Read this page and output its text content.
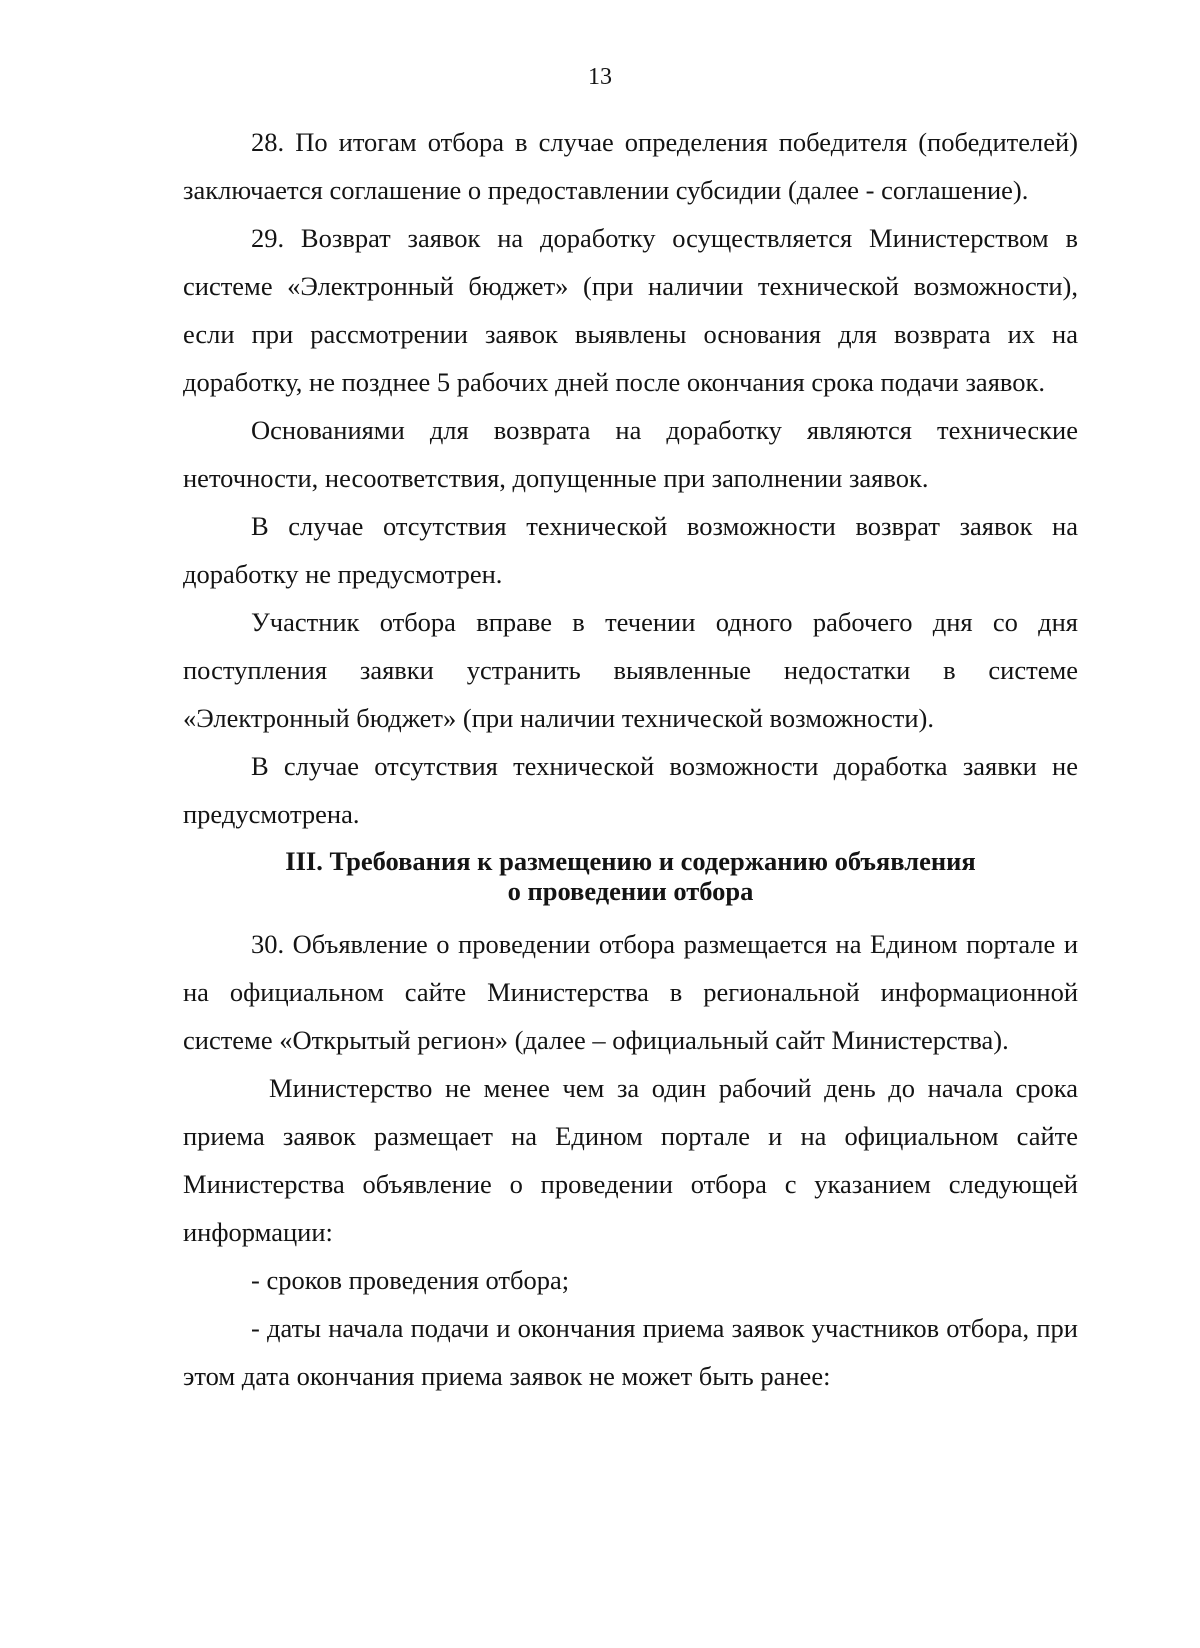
13

28. По итогам отбора в случае определения победителя (победителей) заключается соглашение о предоставлении субсидии (далее - соглашение).

29. Возврат заявок на доработку осуществляется Министерством в системе «Электронный бюджет» (при наличии технической возможности), если при рассмотрении заявок выявлены основания для возврата их на доработку, не позднее 5 рабочих дней после окончания срока подачи заявок.

Основаниями для возврата на доработку являются технические неточности, несоответствия, допущенные при заполнении заявок.

В случае отсутствия технической возможности возврат заявок на доработку не предусмотрен.

Участник отбора вправе в течении одного рабочего дня со дня поступления заявки устранить выявленные недостатки в системе «Электронный бюджет» (при наличии технической возможности).

В случае отсутствия технической возможности доработка заявки не предусмотрена.

III. Требования к размещению и содержанию объявления
о проведении отбора

30. Объявление о проведении отбора размещается на Едином портале и на официальном сайте Министерства в региональной информационной системе «Открытый регион» (далее – официальный сайт Министерства).

Министерство не менее чем за один рабочий день до начала срока приема заявок размещает на Едином портале и на официальном сайте Министерства объявление о проведении отбора с указанием следующей информации:

- сроков проведения отбора;

- даты начала подачи и окончания приема заявок участников отбора, при этом дата окончания приема заявок не может быть ранее:
